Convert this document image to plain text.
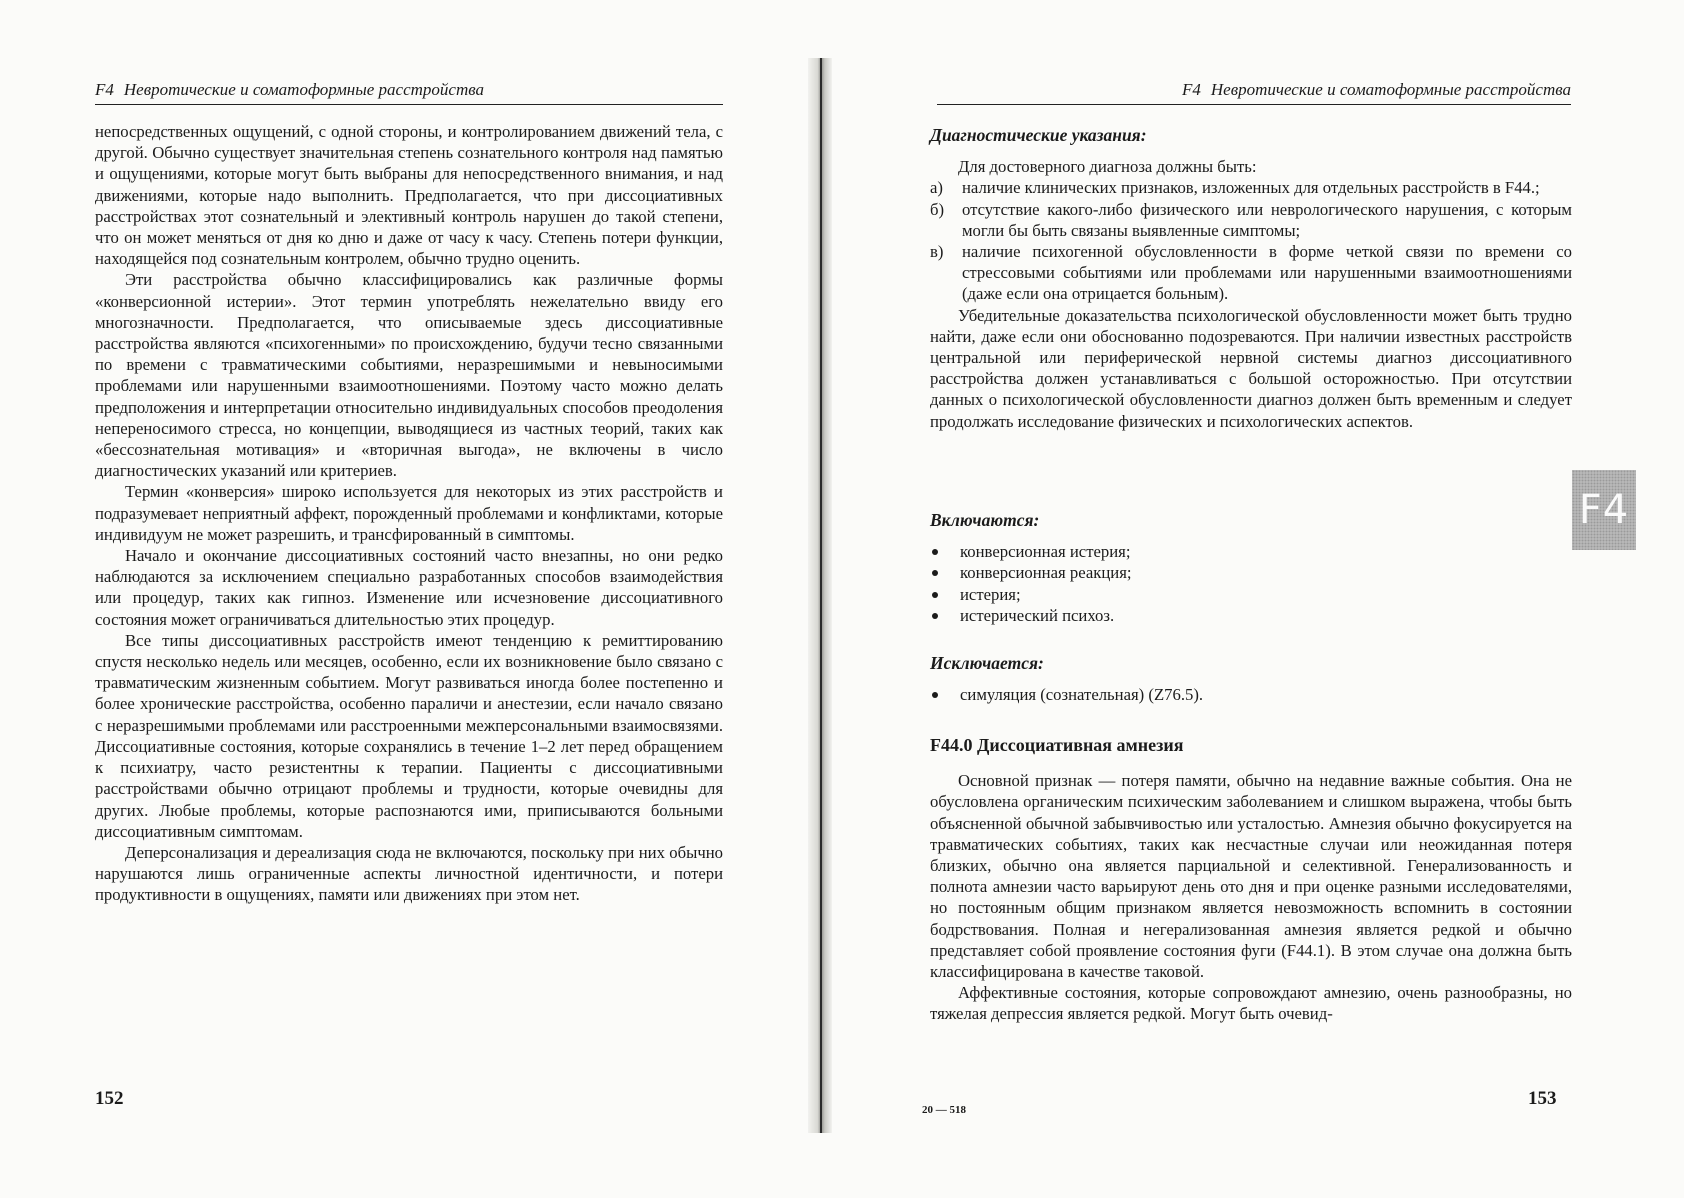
F4 Невротические и соматоформные расстройства

непосредственных ощущений, с одной стороны, и контролированием движений тела, с другой. Обычно существует значительная степень сознательного контроля над памятью и ощущениями, которые могут быть выбраны для непосредственного внимания, и над движениями, которые надо выполнить. Предполагается, что при диссоциативных расстройствах этот сознательный и элективный контроль нарушен до такой степени, что он может меняться от дня ко дню и даже от часу к часу. Степень потери функции, находящейся под сознательным контролем, обычно трудно оценить.

Эти расстройства обычно классифицировались как различные формы «конверсионной истерии». Этот термин употреблять нежелательно ввиду его многозначности. Предполагается, что описываемые здесь диссоциативные расстройства являются «психогенными» по происхождению, будучи тесно связанными по времени с травматическими событиями, неразрешимыми и невыносимыми проблемами или нарушенными взаимоотношениями. Поэтому часто можно делать предположения и интерпретации относительно индивидуальных способов преодоления непереносимого стресса, но концепции, выводящиеся из частных теорий, таких как «бессознательная мотивация» и «вторичная выгода», не включены в число диагностических указаний или критериев.

Термин «конверсия» широко используется для некоторых из этих расстройств и подразумевает неприятный аффект, порожденный проблемами и конфликтами, которые индивидуум не может разрешить, и трансфированный в симптомы.

Начало и окончание диссоциативных состояний часто внезапны, но они редко наблюдаются за исключением специально разработанных способов взаимодействия или процедур, таких как гипноз. Изменение или исчезновение диссоциативного состояния может ограничиваться длительностью этих процедур.

Все типы диссоциативных расстройств имеют тенденцию к ремиттированию спустя несколько недель или месяцев, особенно, если их возникновение было связано с травматическим жизненным событием. Могут развиваться иногда более постепенно и более хронические расстройства, особенно параличи и анестезии, если начало связано с неразрешимыми проблемами или расстроенными межперсональными взаимосвязями. Диссоциативные состояния, которые сохранялись в течение 1–2 лет перед обращением к психиатру, часто резистентны к терапии. Пациенты с диссоциативными расстройствами обычно отрицают проблемы и трудности, которые очевидны для других. Любые проблемы, которые распознаются ими, приписываются больными диссоциативным симптомам.

Деперсонализация и дереализация сюда не включаются, поскольку при них обычно нарушаются лишь ограниченные аспекты личностной идентичности, и потери продуктивности в ощущениях, памяти или движениях при этом нет.

152
F4 Невротические и соматоформные расстройства
Диагностические указания:

Для достоверного диагноза должны быть:

а) наличие клинических признаков, изложенных для отдельных расстройств в F44.;
б) отсутствие какого-либо физического или неврологического нарушения, с которым могли бы быть связаны выявленные симптомы;
в) наличие психогенной обусловленности в форме четкой связи по времени со стрессовыми событиями или проблемами или нарушенными взаимоотношениями (даже если она отрицается больным).

Убедительные доказательства психологической обусловленности может быть трудно найти, даже если они обоснованно подозреваются. При наличии известных расстройств центральной или периферической нервной системы диагноз диссоциативного расстройства должен устанавливаться с большой осторожностью. При отсутствии данных о психологической обусловленности диагноз должен быть временным и следует продолжать исследование физических и психологических аспектов.

Включаются:
конверсионная истерия;
конверсионная реакция;
истерия;
истерический психоз.
Исключается:
симуляция (сознательная) (Z76.5).
F44.0 Диссоциативная амнезия

Основной признак — потеря памяти, обычно на недавние важные события. Она не обусловлена органическим психическим заболеванием и слишком выражена, чтобы быть объясненной обычной забывчивостью или усталостью. Амнезия обычно фокусируется на травматических событиях, таких как несчастные случаи или неожиданная потеря близких, обычно она является парциальной и селективной. Генерализованность и полнота амнезии часто варьируют день ото дня и при оценке разными исследователями, но постоянным общим признаком является невозможность вспомнить в состоянии бодрствования. Полная и негерализованная амнезия является редкой и обычно представляет собой проявление состояния фуги (F44.1). В этом случае она должна быть классифицирована в качестве таковой.

Аффективные состояния, которые сопровождают амнезию, очень разнообразны, но тяжелая депрессия является редкой. Могут быть очевид-

20 — 518
153
F4
